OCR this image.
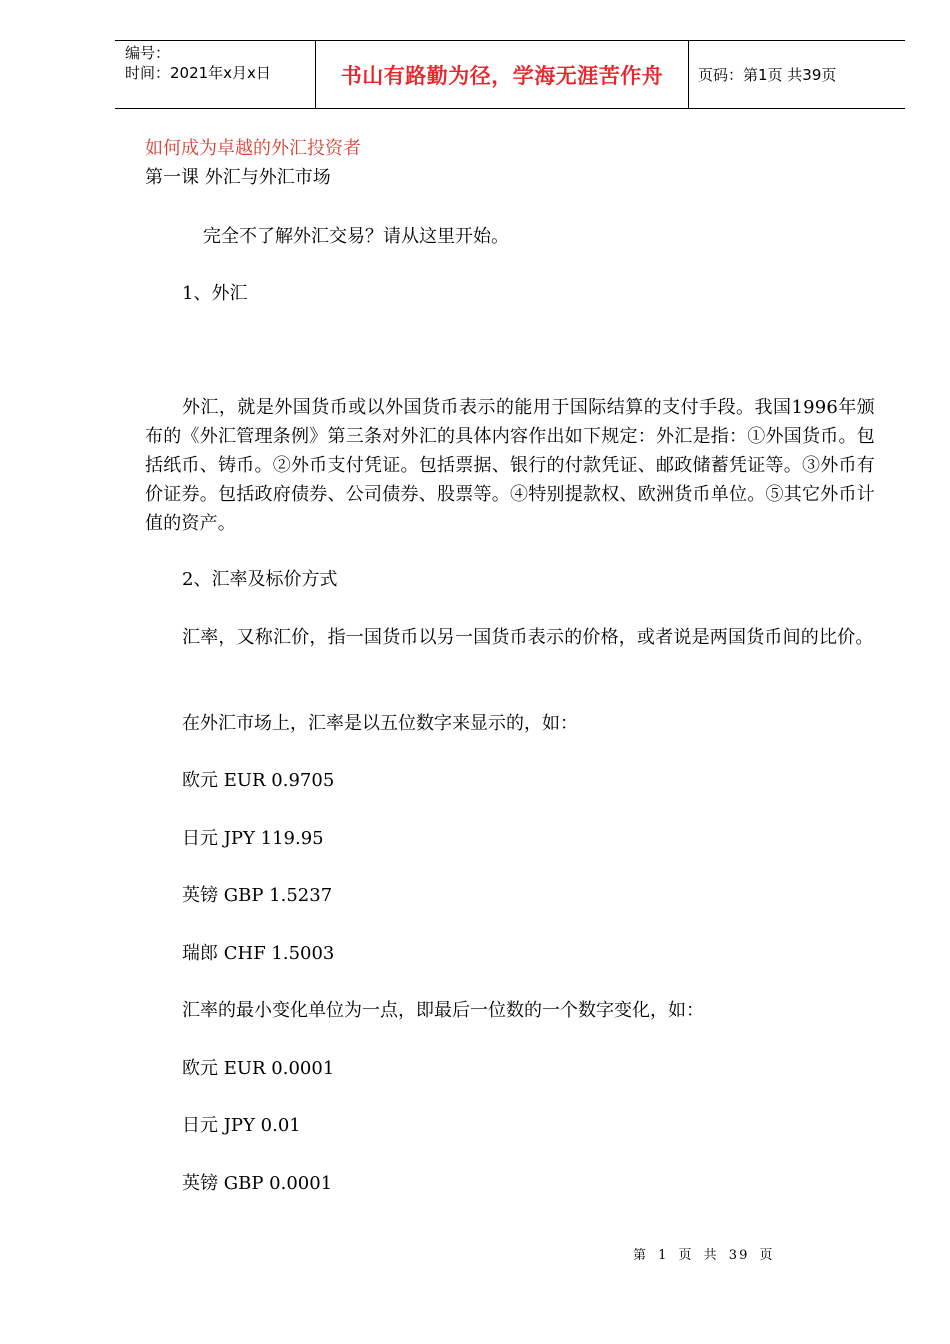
编号：
时间：2021年x月x日	书山有路勤为径，学海无涯苦作舟	页码：第1页 共39页

如何成为卓越的外汇投资者

第一课 外汇与外汇市场

完全不了解外汇交易？请从这里开始。
1、外汇
外汇，就是外国货币或以外国货币表示的能用于国际结算的支付手段。我国1996年颁布的《外汇管理条例》第三条对外汇的具体内容作出如下规定：外汇是指：①外国货币。包括纸币、铸币。②外币支付凭证。包括票据、银行的付款凭证、邮政储蓄凭证等。③外币有价证券。包括政府债券、公司债券、股票等。④特别提款权、欧洲货币单位。⑤其它外币计值的资产。
2、汇率及标价方式
汇率，又称汇价，指一国货币以另一国货币表示的价格，或者说是两国货币间的比价。
在外汇市场上，汇率是以五位数字来显示的，如：
欧元 EUR 0.9705
日元 JPY 119.95
英镑 GBP 1.5237
瑞郎 CHF 1.5003
汇率的最小变化单位为一点，即最后一位数的一个数字变化，如：
欧元 EUR 0.0001
日元 JPY 0.01
英镑 GBP 0.0001
第 1 页 共 39 页
